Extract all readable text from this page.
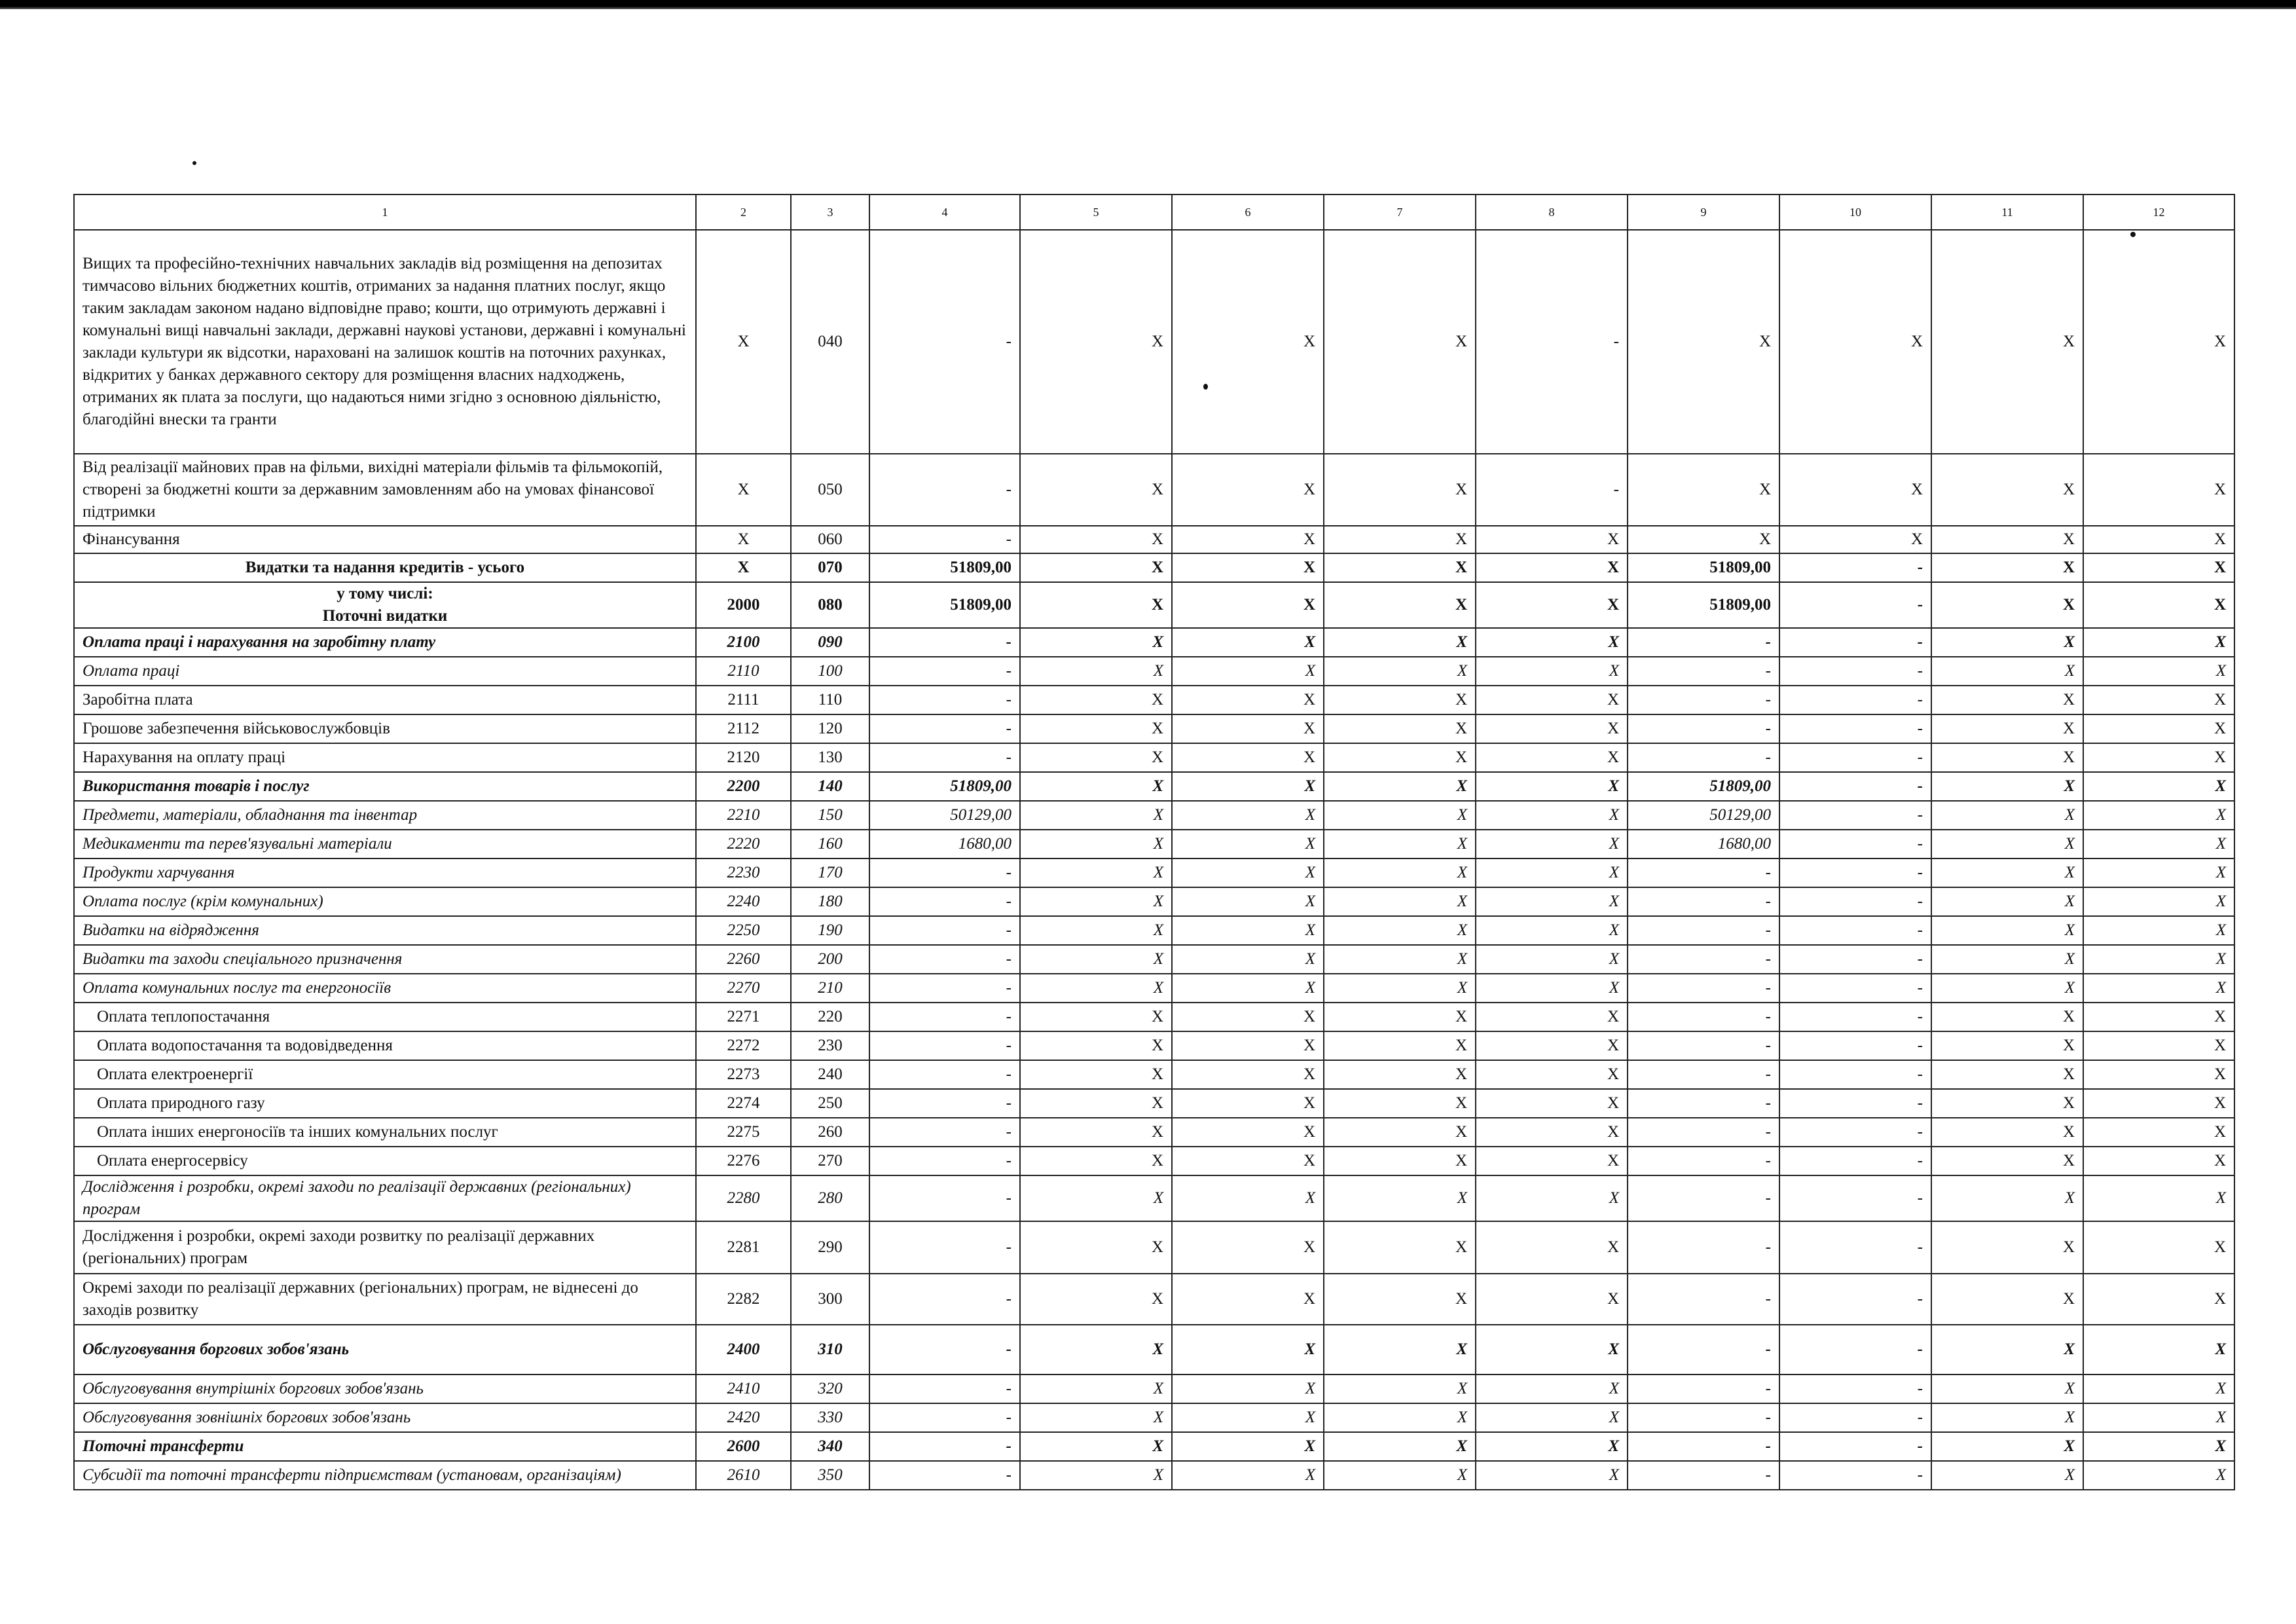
1	2	3	4	5	6	7	8	9	10	11	12
Вищих та професійно-технічних навчальних закладів від розміщення на депозитах тимчасово вільних бюджетних коштів, отриманих за надання платних послуг, якщо таким закладам законом надано відповідне право; кошти, що отримують державні і комунальні вищі навчальні заклади, державні наукові установи, державні і комунальні заклади культури як відсотки, нараховані на залишок коштів на поточних рахунках, відкритих у банках державного сектору для розміщення власних надходжень, отриманих як плата за послуги, що надаються ними згідно з основною діяльністю, благодійні внески та гранти	X	040	-	X	X	X	-	X	X	X	X
Від реалізації майнових прав на фільми, вихідні матеріали фільмів та фільмокопій, створені за бюджетні кошти за державним замовленням або на умовах фінансової підтримки	X	050	-	X	X	X	-	X	X	X	X
Фінансування	X	060	-	X	X	X	X	X	X	X	X
Видатки та надання кредитів - усього	X	070	51809,00	X	X	X	X	51809,00	-	X	X
у тому числі:
Поточні видатки	2000	080	51809,00	X	X	X	X	51809,00	-	X	X
Оплата праці і нарахування на заробітну плату	2100	090	-	X	X	X	X	-	-	X	X
Оплата праці	2110	100	-	X	X	X	X	-	-	X	X
Заробітна плата	2111	110	-	X	X	X	X	-	-	X	X
Грошове забезпечення військовослужбовців	2112	120	-	X	X	X	X	-	-	X	X
Нарахування на оплату праці	2120	130	-	X	X	X	X	-	-	X	X
Використання товарів і послуг	2200	140	51809,00	X	X	X	X	51809,00	-	X	X
Предмети, матеріали, обладнання та інвентар	2210	150	50129,00	X	X	X	X	50129,00	-	X	X
Медикаменти та перев'язувальні матеріали	2220	160	1680,00	X	X	X	X	1680,00	-	X	X
Продукти харчування	2230	170	-	X	X	X	X	-	-	X	X
Оплата послуг (крім комунальних)	2240	180	-	X	X	X	X	-	-	X	X
Видатки на відрядження	2250	190	-	X	X	X	X	-	-	X	X
Видатки та заходи спеціального призначення	2260	200	-	X	X	X	X	-	-	X	X
Оплата комунальних послуг та енергоносіїв	2270	210	-	X	X	X	X	-	-	X	X
Оплата теплопостачання	2271	220	-	X	X	X	X	-	-	X	X
Оплата водопостачання та водовідведення	2272	230	-	X	X	X	X	-	-	X	X
Оплата електроенергії	2273	240	-	X	X	X	X	-	-	X	X
Оплата природного газу	2274	250	-	X	X	X	X	-	-	X	X
Оплата інших енергоносіїв та інших комунальних послуг	2275	260	-	X	X	X	X	-	-	X	X
Оплата енергосервісу	2276	270	-	X	X	X	X	-	-	X	X
Дослідження і розробки, окремі заходи по реалізації державних (регіональних) програм	2280	280	-	X	X	X	X	-	-	X	X
Дослідження і розробки, окремі заходи розвитку по реалізації державних (регіональних) програм	2281	290	-	X	X	X	X	-	-	X	X
Окремі заходи по реалізації державних (регіональних) програм, не віднесені до заходів розвитку	2282	300	-	X	X	X	X	-	-	X	X
Обслуговування боргових зобов'язань	2400	310	-	X	X	X	X	-	-	X	X
Обслуговування внутрішніх боргових зобов'язань	2410	320	-	X	X	X	X	-	-	X	X
Обслуговування зовнішніх боргових зобов'язань	2420	330	-	X	X	X	X	-	-	X	X
Поточні трансферти	2600	340	-	X	X	X	X	-	-	X	X
Субсидії та поточні трансферти підприємствам (установам, організаціям)	2610	350	-	X	X	X	X	-	-	X	X
